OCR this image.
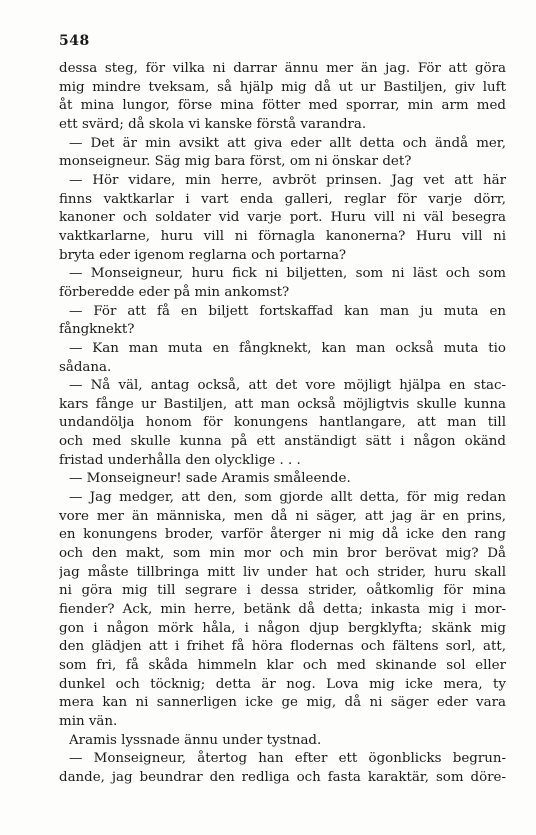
548
dessa steg, för vilka ni darrar ännu mer än jag. För att göra
mig mindre tveksam, så hjälp mig då ut ur Bastiljen, giv luft
åt mina lungor, förse mina fötter med sporrar, min arm med
ett svärd; då skola vi kanske förstå varandra.
— Det är min avsikt att giva eder allt detta och ändå mer,
monseigneur. Säg mig bara först, om ni önskar det?
— Hör vidare, min herre, avbröt prinsen. Jag vet att här
finns vaktkarlar i vart enda galleri, reglar för varje dörr,
kanoner och soldater vid varje port. Huru vill ni väl besegra
vaktkarlarne, huru vill ni förnagla kanonerna? Huru vill ni
bryta eder igenom reglarna och portarna?
— Monseigneur, huru fick ni biljetten, som ni läst och som
förberedde eder på min ankomst?
— För att få en biljett fortskaffad kan man ju muta en
fångknekt?
— Kan man muta en fångknekt, kan man också muta tio
sådana.
— Nå väl, antag också, att det vore möjligt hjälpa en stac-
kars fånge ur Bastiljen, att man också möjligtvis skulle kunna
undandölja honom för konungens hantlangare, att man till
och med skulle kunna på ett anständigt sätt i någon okänd
fristad underhålla den olycklige . . .
— Monseigneur! sade Aramis småleende.
— Jag medger, att den, som gjorde allt detta, för mig redan
vore mer än människa, men då ni säger, att jag är en prins,
en konungens broder, varför återger ni mig då icke den rang
och den makt, som min mor och min bror berövat mig? Då
jag måste tillbringa mitt liv under hat och strider, huru skall
ni göra mig till segrare i dessa strider, oåtkomlig för mina
fiender? Ack, min herre, betänk då detta; inkasta mig i mor-
gon i någon mörk håla, i någon djup bergklyfta; skänk mig
den glädjen att i frihet få höra flodernas och fältens sorl, att,
som fri, få skåda himmeln klar och med skinande sol eller
dunkel och töcknig; detta är nog. Lova mig icke mera, ty
mera kan ni sannerligen icke ge mig, då ni säger eder vara
min vän.
Aramis lyssnade ännu under tystnad.
— Monseigneur, återtog han efter ett ögonblicks begrun-
dande, jag beundrar den redliga och fasta karaktär, som döre-
